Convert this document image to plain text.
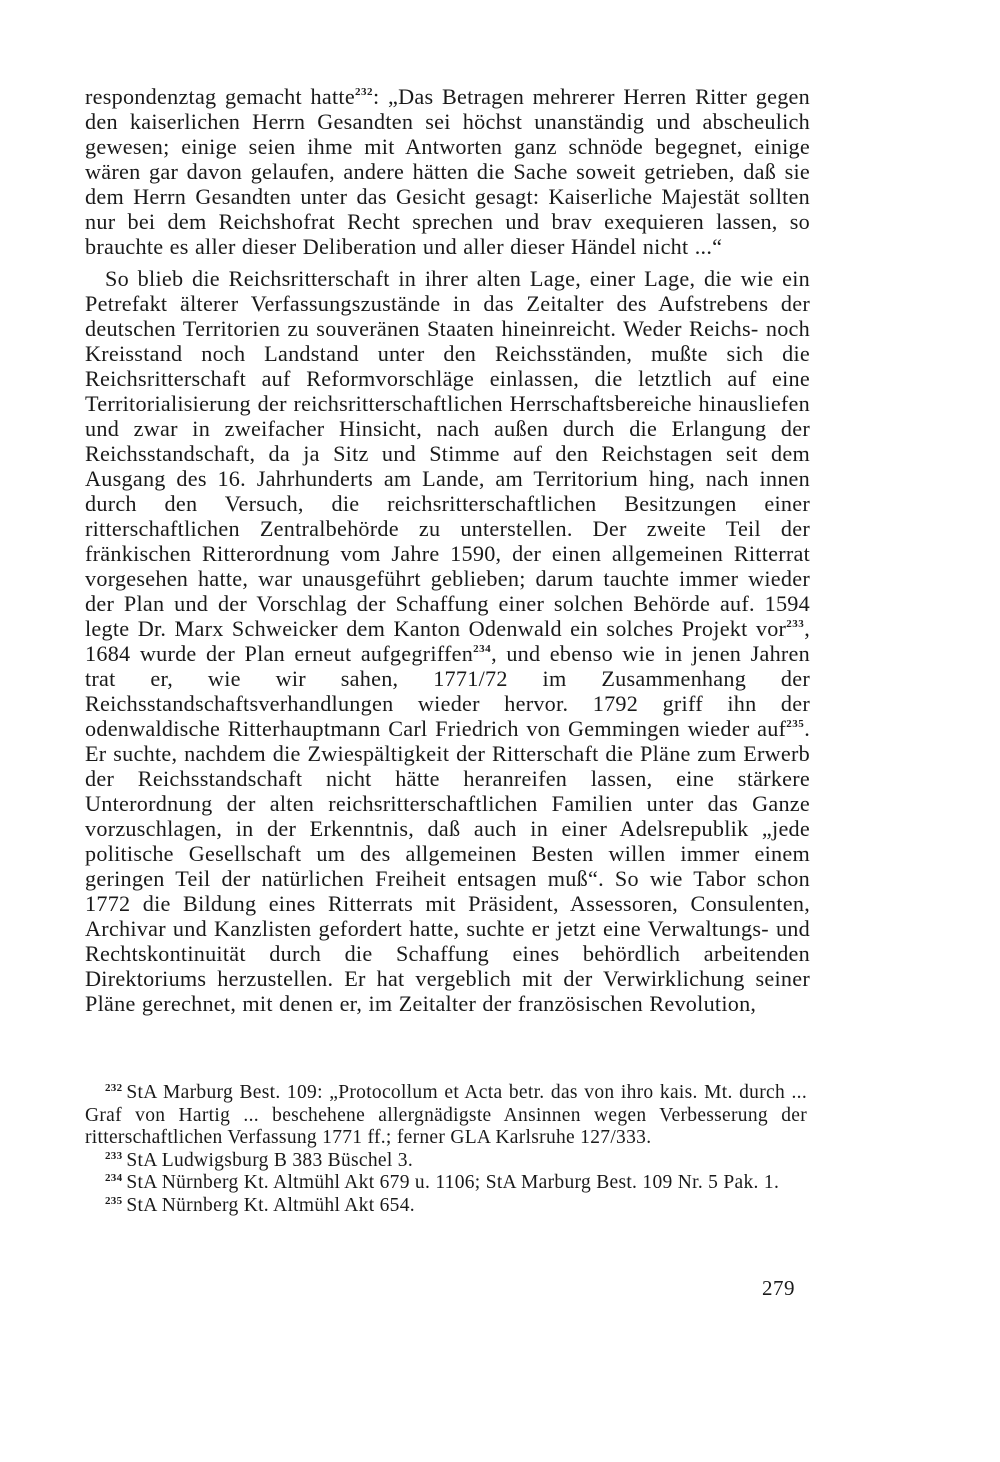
respondenztag gemacht hatte$^{232}$: „Das Betragen mehrerer Herren Ritter gegen den kaiserlichen Herrn Gesandten sei höchst unanständig und abscheulich gewesen; einige seien ihme mit Antworten ganz schnöde begegnet, einige wären gar davon gelaufen, andere hätten die Sache soweit getrieben, daß sie dem Herrn Gesandten unter das Gesicht gesagt: Kaiserliche Majestät sollten nur bei dem Reichshofrat Recht sprechen und brav exequieren lassen, so brauchte es aller dieser Deliberation und aller dieser Händel nicht ...“

So blieb die Reichsritterschaft in ihrer alten Lage, einer Lage, die wie ein Petrefakt älterer Verfassungszustände in das Zeitalter des Aufstrebens der deutschen Territorien zu souveränen Staaten hineinreicht. Weder Reichs- noch Kreisstand noch Landstand unter den Reichsständen, mußte sich die Reichsritterschaft auf Reformvorschläge einlassen, die letztlich auf eine Territorialisierung der reichsritterschaftlichen Herrschaftsbereiche hinausliefen und zwar in zweifacher Hinsicht, nach außen durch die Erlangung der Reichsstandschaft, da ja Sitz und Stimme auf den Reichstagen seit dem Ausgang des 16. Jahrhunderts am Lande, am Territorium hing, nach innen durch den Versuch, die reichsritterschaftlichen Besitzungen einer ritterschaftlichen Zentralbehörde zu unterstellen. Der zweite Teil der fränkischen Ritterordnung vom Jahre 1590, der einen allgemeinen Ritterrat vorgesehen hatte, war unausgeführt geblieben; darum tauchte immer wieder der Plan und der Vorschlag der Schaffung einer solchen Behörde auf. 1594 legte Dr. Marx Schweicker dem Kanton Odenwald ein solches Projekt vor$^{233}$, 1684 wurde der Plan erneut aufgegriffen$^{234}$, und ebenso wie in jenen Jahren trat er, wie wir sahen, 1771/72 im Zusammenhang der Reichsstandschaftsverhandlungen wieder hervor. 1792 griff ihn der odenwaldische Ritterhauptmann Carl Friedrich von Gemmingen wieder auf$^{235}$. Er suchte, nachdem die Zwiespältigkeit der Ritterschaft die Pläne zum Erwerb der Reichsstandschaft nicht hätte heranreifen lassen, eine stärkere Unterordnung der alten reichsritterschaftlichen Familien unter das Ganze vorzuschlagen, in der Erkenntnis, daß auch in einer Adelsrepublik „jede politische Gesellschaft um des allgemeinen Besten willen immer einem geringen Teil der natürlichen Freiheit entsagen muß“. So wie Tabor schon 1772 die Bildung eines Ritterrats mit Präsident, Assessoren, Consulenten, Archivar und Kanzlisten gefordert hatte, suchte er jetzt eine Verwaltungs- und Rechtskontinuität durch die Schaffung eines behördlich arbeitenden Direktoriums herzustellen. Er hat vergeblich mit der Verwirklichung seiner Pläne gerechnet, mit denen er, im Zeitalter der französischen Revolution,

$^{232}$ StA Marburg Best. 109: „Protocollum et Acta betr. das von ihro kais. Mt. durch ... Graf von Hartig ... beschehene allergnädigste Ansinnen wegen Verbesserung der ritterschaftlichen Verfassung 1771 ff.; ferner GLA Karlsruhe 127/333.

$^{233}$ StA Ludwigsburg B 383 Büschel 3.

$^{234}$ StA Nürnberg Kt. Altmühl Akt 679 u. 1106; StA Marburg Best. 109 Nr. 5 Pak. 1.

$^{235}$ StA Nürnberg Kt. Altmühl Akt 654.

279
